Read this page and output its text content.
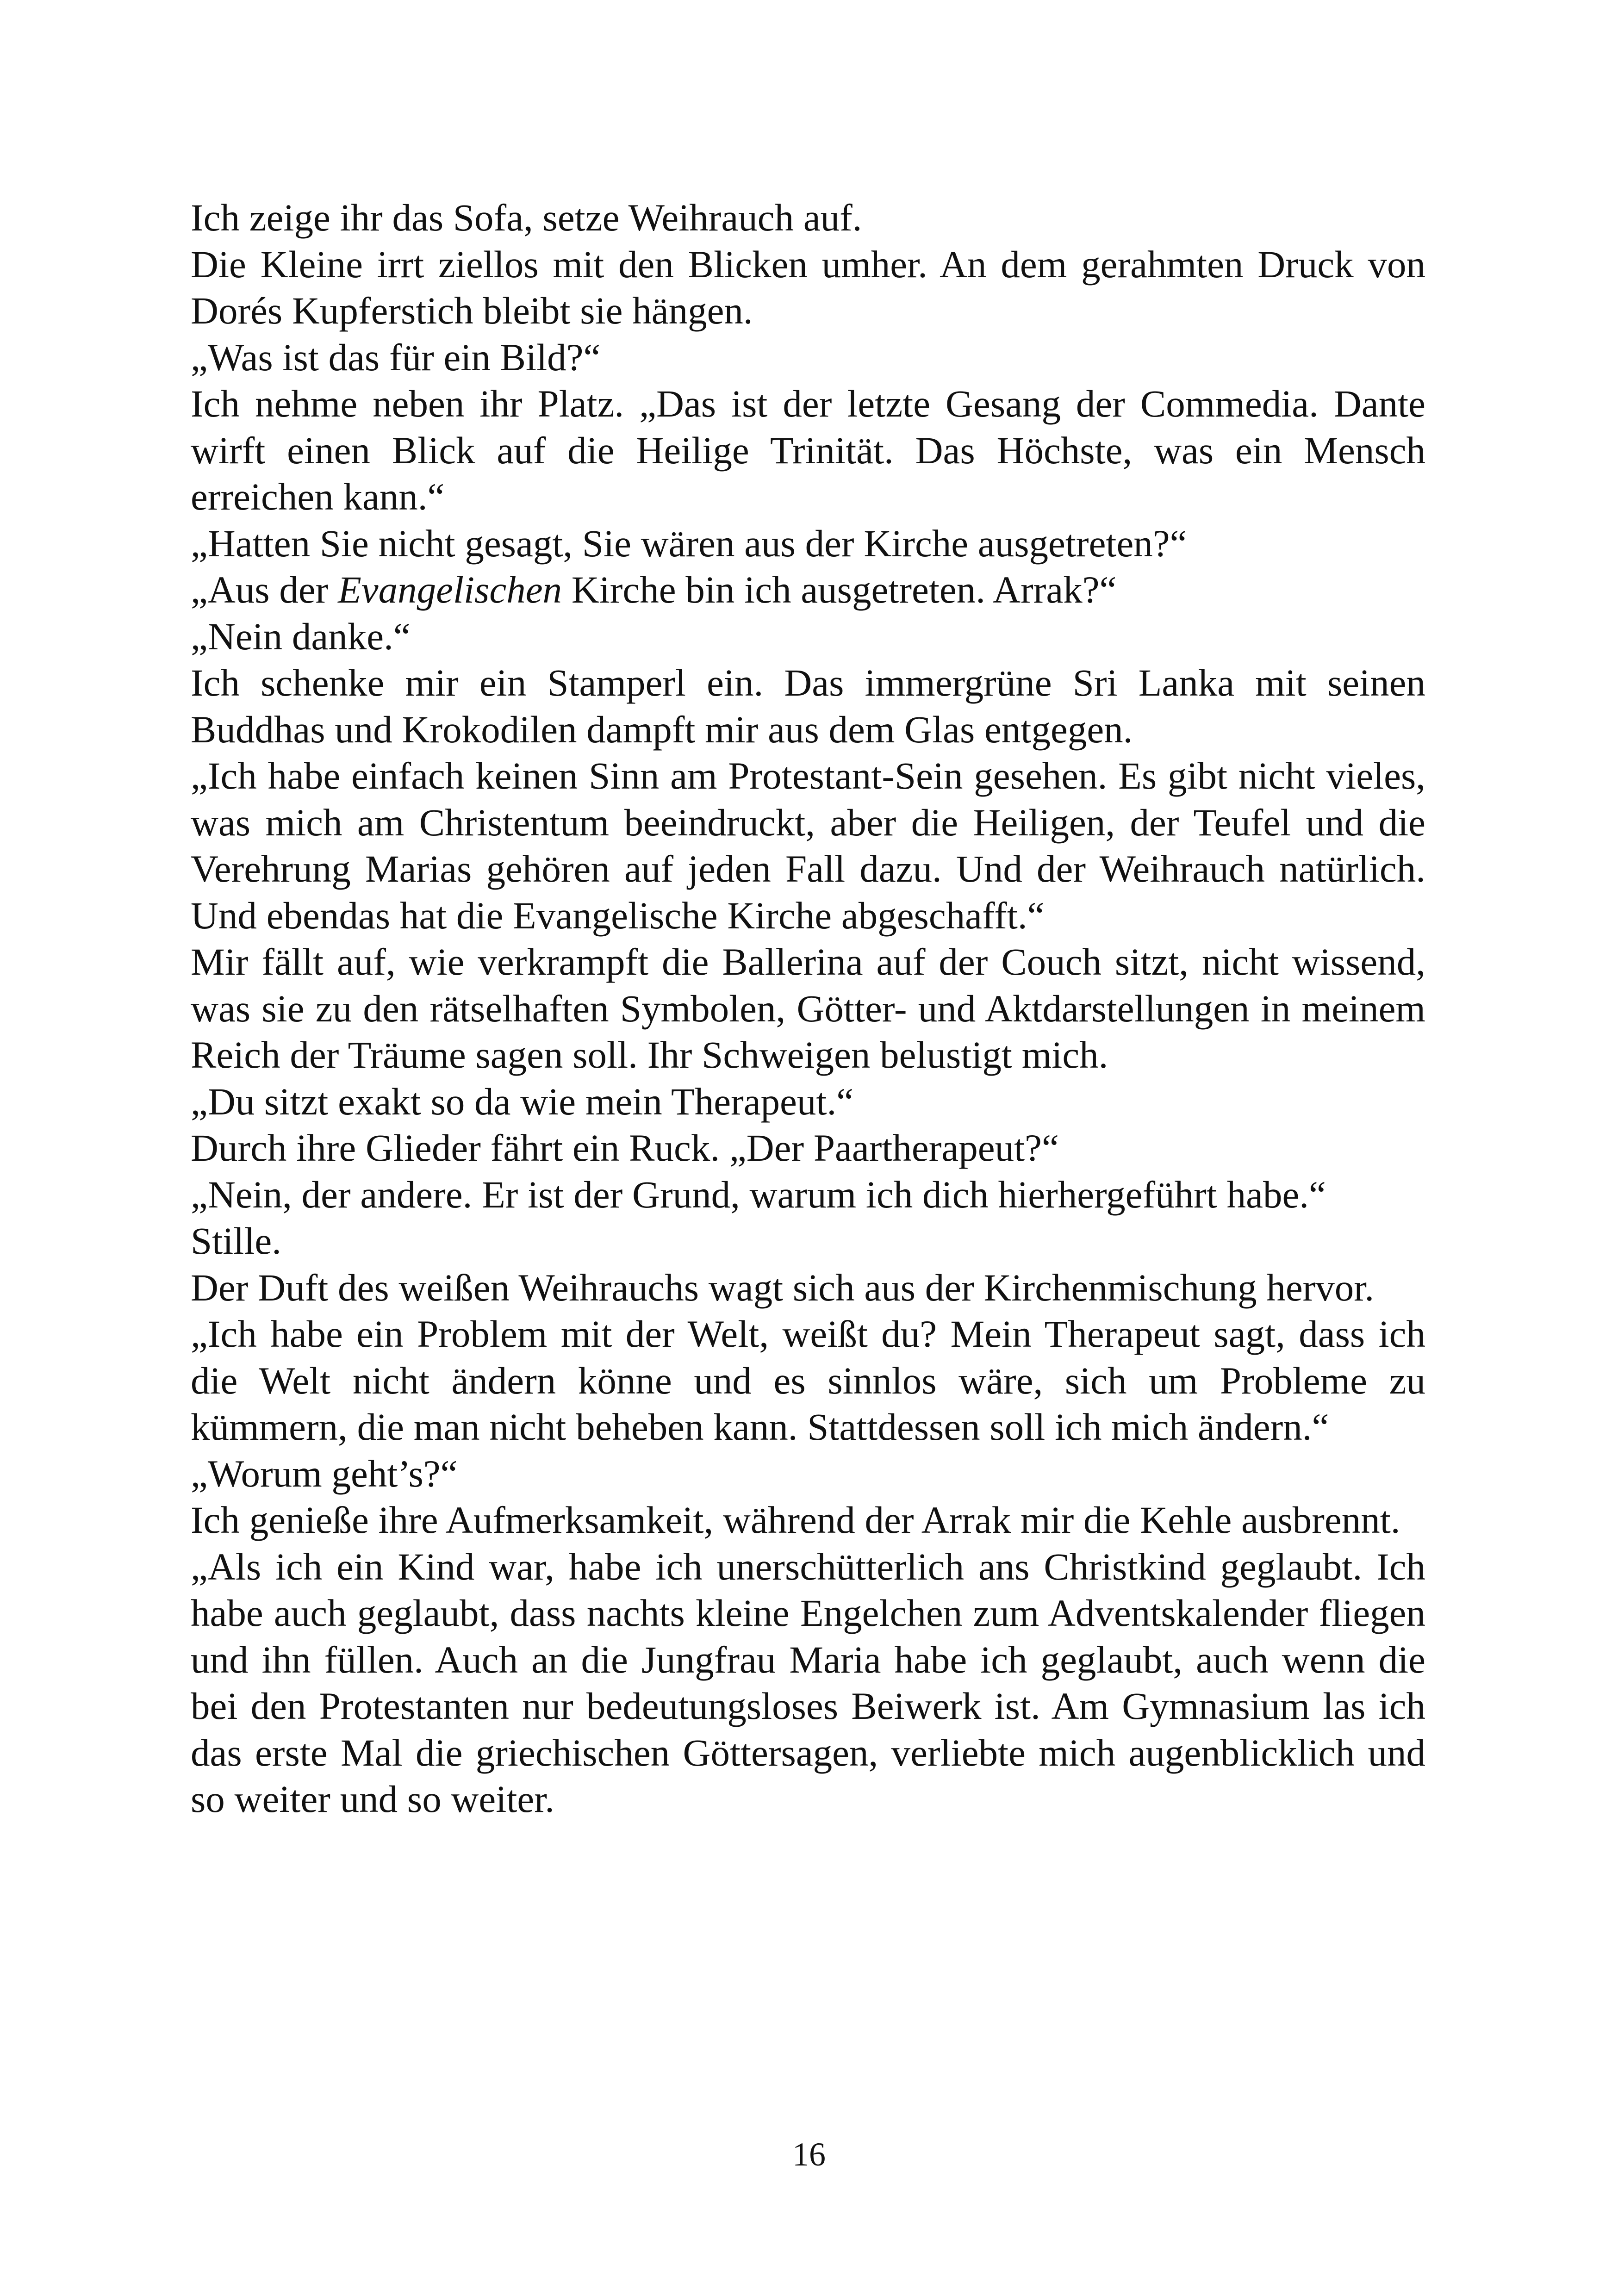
Ich zeige ihr das Sofa, setze Weihrauch auf.

Die Kleine irrt ziellos mit den Blicken umher. An dem gerahmten Druck von Dorés Kupferstich bleibt sie hängen.

„Was ist das für ein Bild?“

Ich nehme neben ihr Platz. „Das ist der letzte Gesang der Commedia. Dante wirft einen Blick auf die Heilige Trinität. Das Höchste, was ein Mensch erreichen kann.“

„Hatten Sie nicht gesagt, Sie wären aus der Kirche ausgetreten?“

„Aus der Evangelischen Kirche bin ich ausgetreten. Arrak?“

„Nein danke.“

Ich schenke mir ein Stamperl ein. Das immergrüne Sri Lanka mit seinen Buddhas und Krokodilen dampft mir aus dem Glas entgegen.

„Ich habe einfach keinen Sinn am Protestant-Sein gesehen. Es gibt nicht vieles, was mich am Christentum beeindruckt, aber die Heiligen, der Teufel und die Verehrung Marias gehören auf jeden Fall dazu. Und der Weihrauch natürlich. Und ebendas hat die Evangelische Kirche abgeschafft.“

Mir fällt auf, wie verkrampft die Ballerina auf der Couch sitzt, nicht wissend, was sie zu den rätselhaften Symbolen, Götter- und Aktdarstellungen in meinem Reich der Träume sagen soll. Ihr Schweigen belustigt mich.

„Du sitzt exakt so da wie mein Therapeut.“

Durch ihre Glieder fährt ein Ruck. „Der Paartherapeut?“

„Nein, der andere. Er ist der Grund, warum ich dich hierhergeführt habe.“

Stille.

Der Duft des weißen Weihrauchs wagt sich aus der Kirchenmischung hervor.

„Ich habe ein Problem mit der Welt, weißt du? Mein Therapeut sagt, dass ich die Welt nicht ändern könne und es sinnlos wäre, sich um Probleme zu kümmern, die man nicht beheben kann. Stattdessen soll ich mich ändern.“

„Worum geht’s?“

Ich genieße ihre Aufmerksamkeit, während der Arrak mir die Kehle ausbrennt.

„Als ich ein Kind war, habe ich unerschütterlich ans Christkind geglaubt. Ich habe auch geglaubt, dass nachts kleine Engelchen zum Adventskalender fliegen und ihn füllen. Auch an die Jungfrau Maria habe ich geglaubt, auch wenn die bei den Protestanten nur bedeutungsloses Beiwerk ist. Am Gymnasium las ich das erste Mal die griechischen Göttersagen, verliebte mich augenblicklich und so weiter und so weiter.

16
